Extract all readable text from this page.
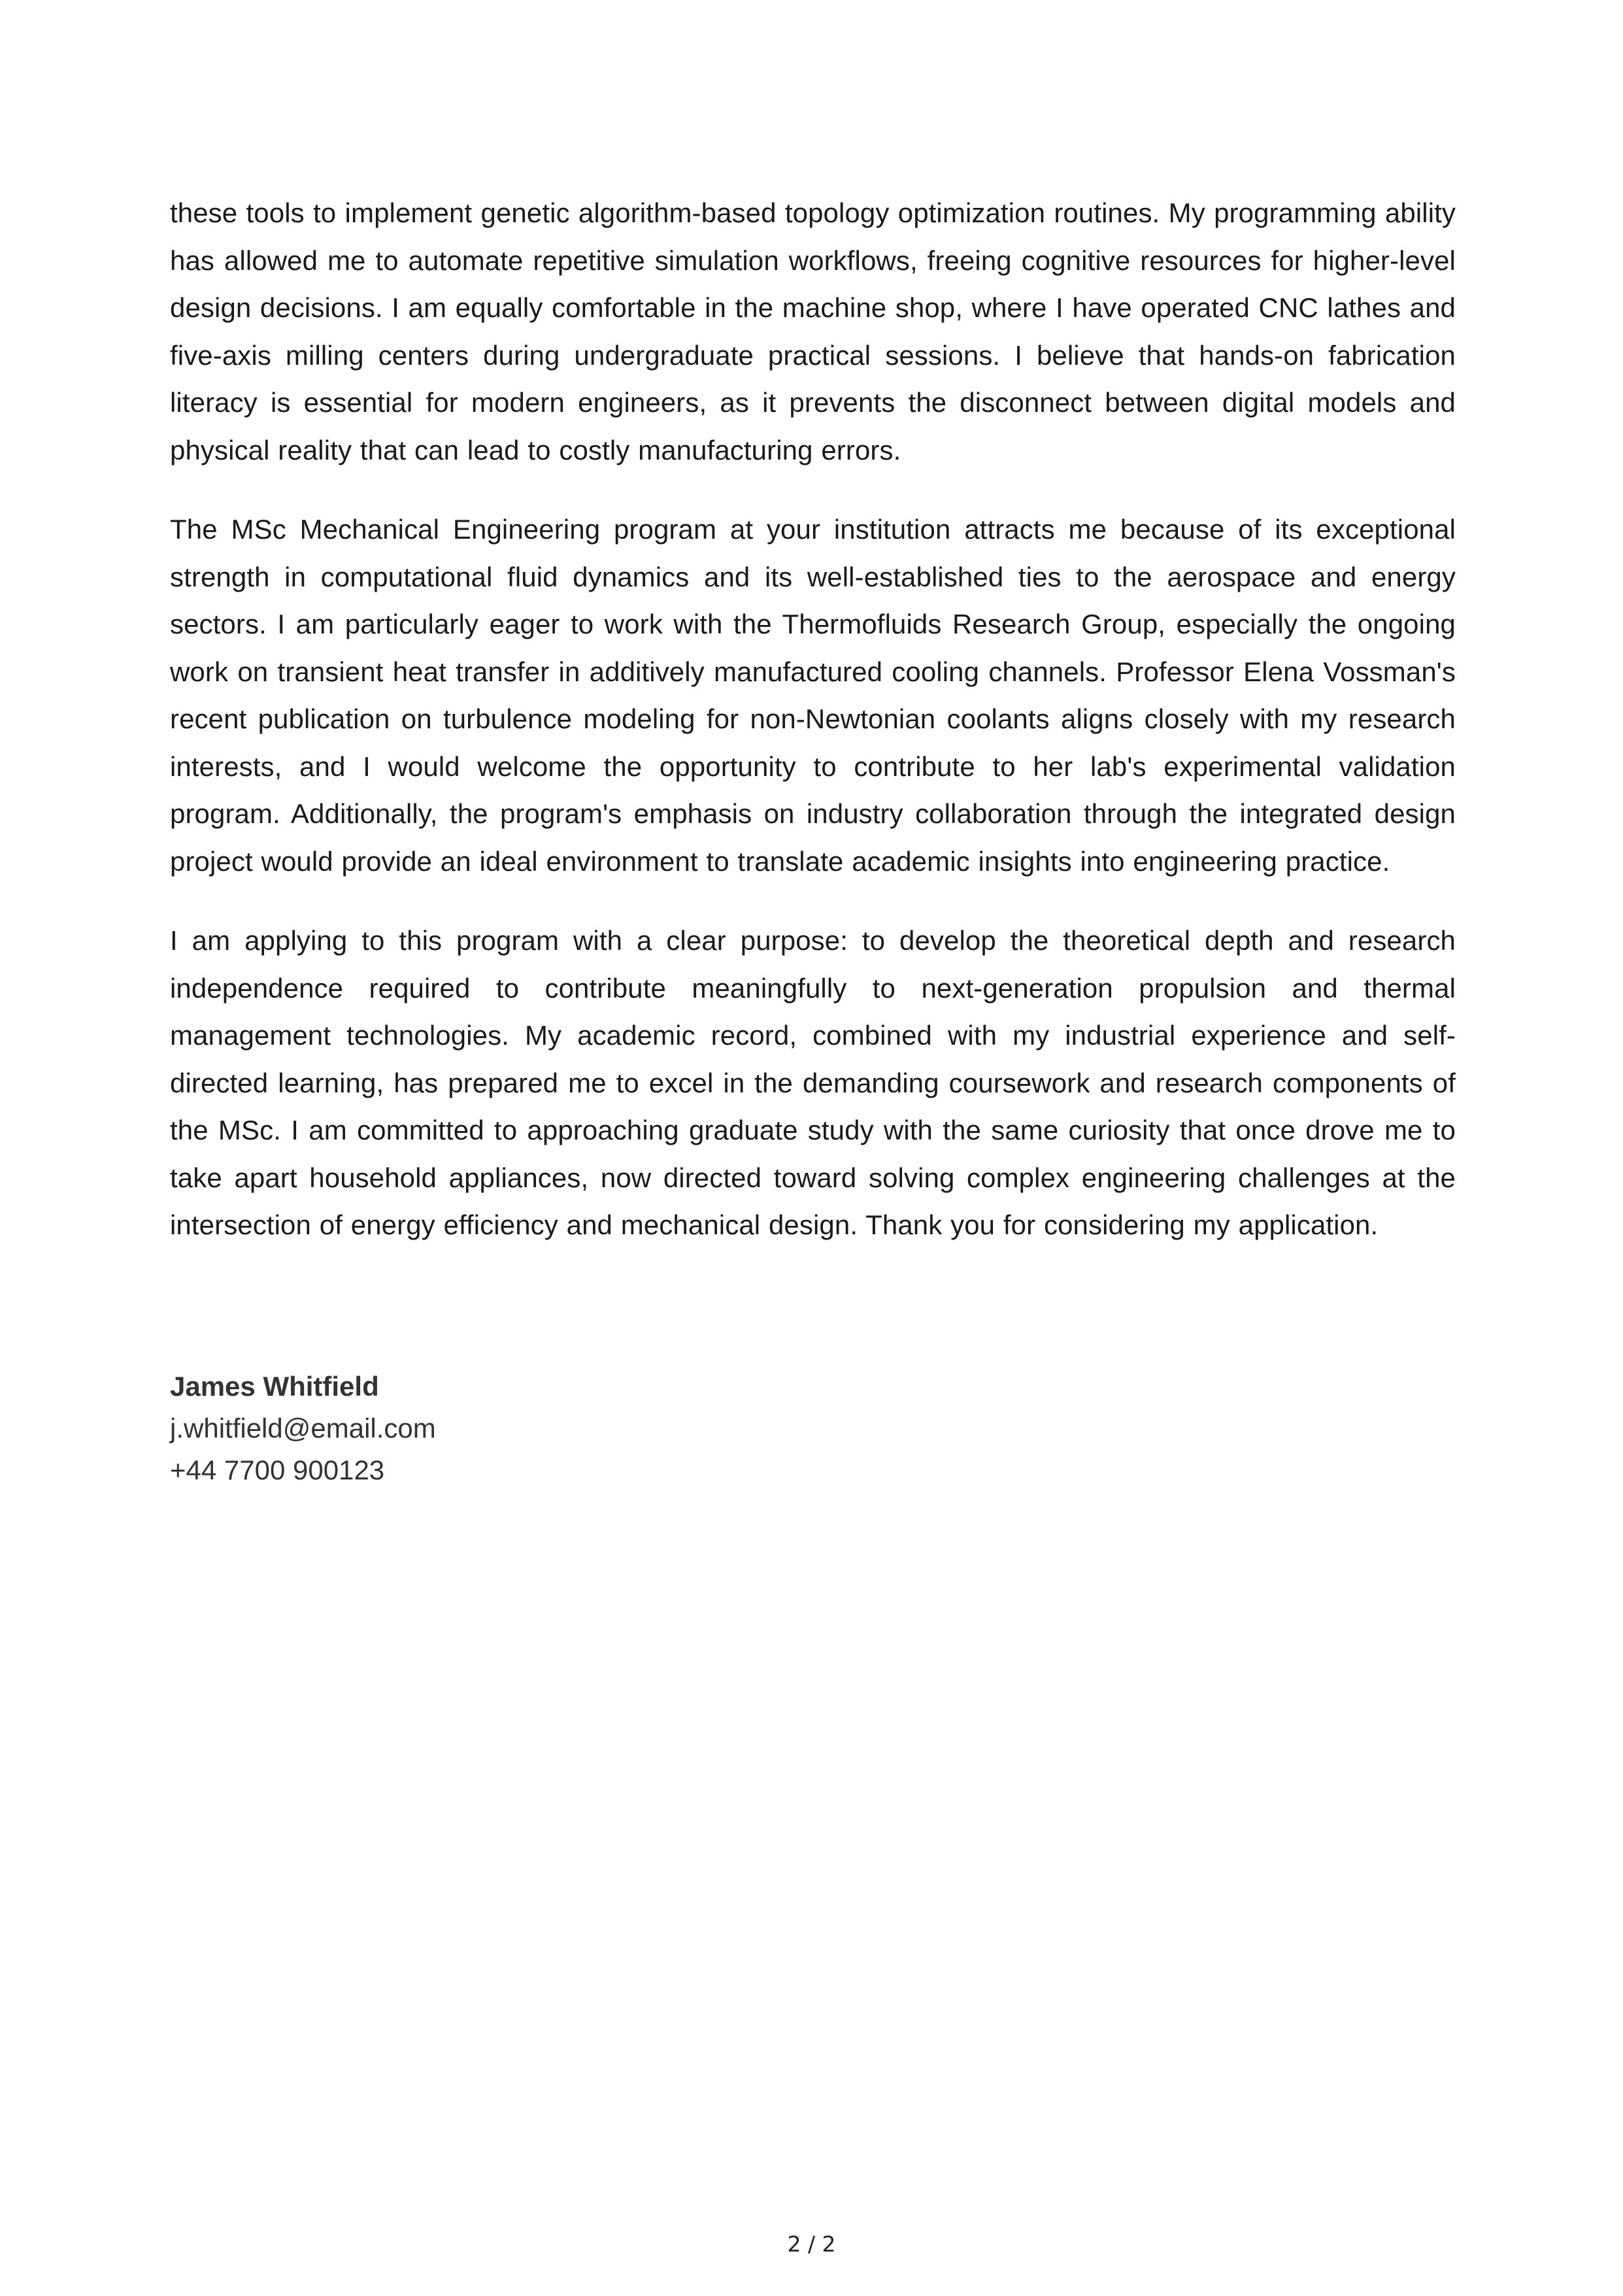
these tools to implement genetic algorithm-based topology optimization routines. My programming ability has allowed me to automate repetitive simulation workflows, freeing cognitive resources for higher-level design decisions. I am equally comfortable in the machine shop, where I have operated CNC lathes and five-axis milling centers during undergraduate practical sessions. I believe that hands-on fabrication literacy is essential for modern engineers, as it prevents the disconnect between digital models and physical reality that can lead to costly manufacturing errors.

The MSc Mechanical Engineering program at your institution attracts me because of its exceptional strength in computational fluid dynamics and its well-established ties to the aerospace and energy sectors. I am particularly eager to work with the Thermofluids Research Group, especially the ongoing work on transient heat transfer in additively manufactured cooling channels. Professor Elena Vossman's recent publication on turbulence modeling for non-Newtonian coolants aligns closely with my research interests, and I would welcome the opportunity to contribute to her lab's experimental validation program. Additionally, the program's emphasis on industry collaboration through the integrated design project would provide an ideal environment to translate academic insights into engineering practice.

I am applying to this program with a clear purpose: to develop the theoretical depth and research independence required to contribute meaningfully to next-generation propulsion and thermal management technologies. My academic record, combined with my industrial experience and self-directed learning, has prepared me to excel in the demanding coursework and research components of the MSc. I am committed to approaching graduate study with the same curiosity that once drove me to take apart household appliances, now directed toward solving complex engineering challenges at the intersection of energy efficiency and mechanical design. Thank you for considering my application.

James Whitfield
j.whitfield@email.com
+44 7700 900123
2 / 2
